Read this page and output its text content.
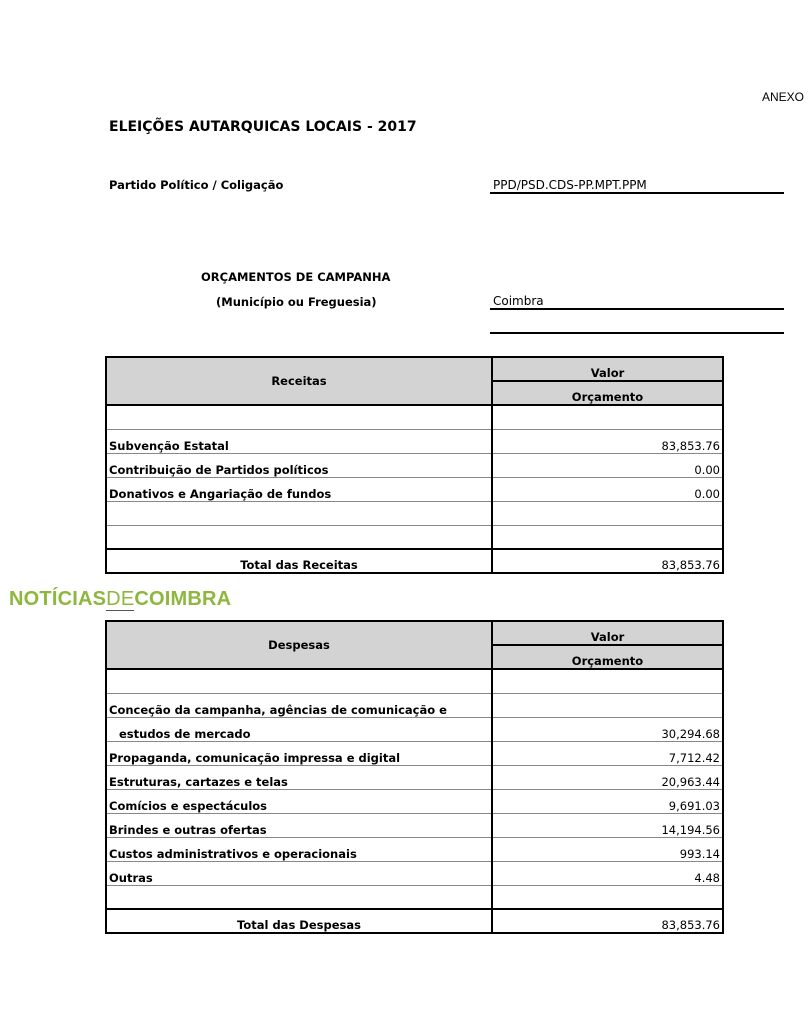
ANEXO
ELEIÇÕES AUTARQUICAS LOCAIS - 2017
Partido Político / Coligação	PPD/PSD.CDS-PP.MPT.PPM
ORÇAMENTOS DE CAMPANHA
(Município ou Freguesia)	Coimbra
Receitas	Valor
	Orçamento

Subvenção Estatal	83,853.76
Contribuição de Partidos políticos	0.00
Donativos e Angariação de fundos	0.00

Total das Receitas	83,853.76
NOTÍCIASDECOIMBRA
Despesas	Valor
	Orçamento

Conceção da campanha, agências de comunicação e	
estudos de mercado	30,294.68
Propaganda, comunicação impressa e digital	7,712.42
Estruturas, cartazes e telas	20,963.44
Comícios e espectáculos	9,691.03
Brindes e outras ofertas	14,194.56
Custos administrativos e operacionais	993.14
Outras	4.48

Total das Despesas	83,853.76
